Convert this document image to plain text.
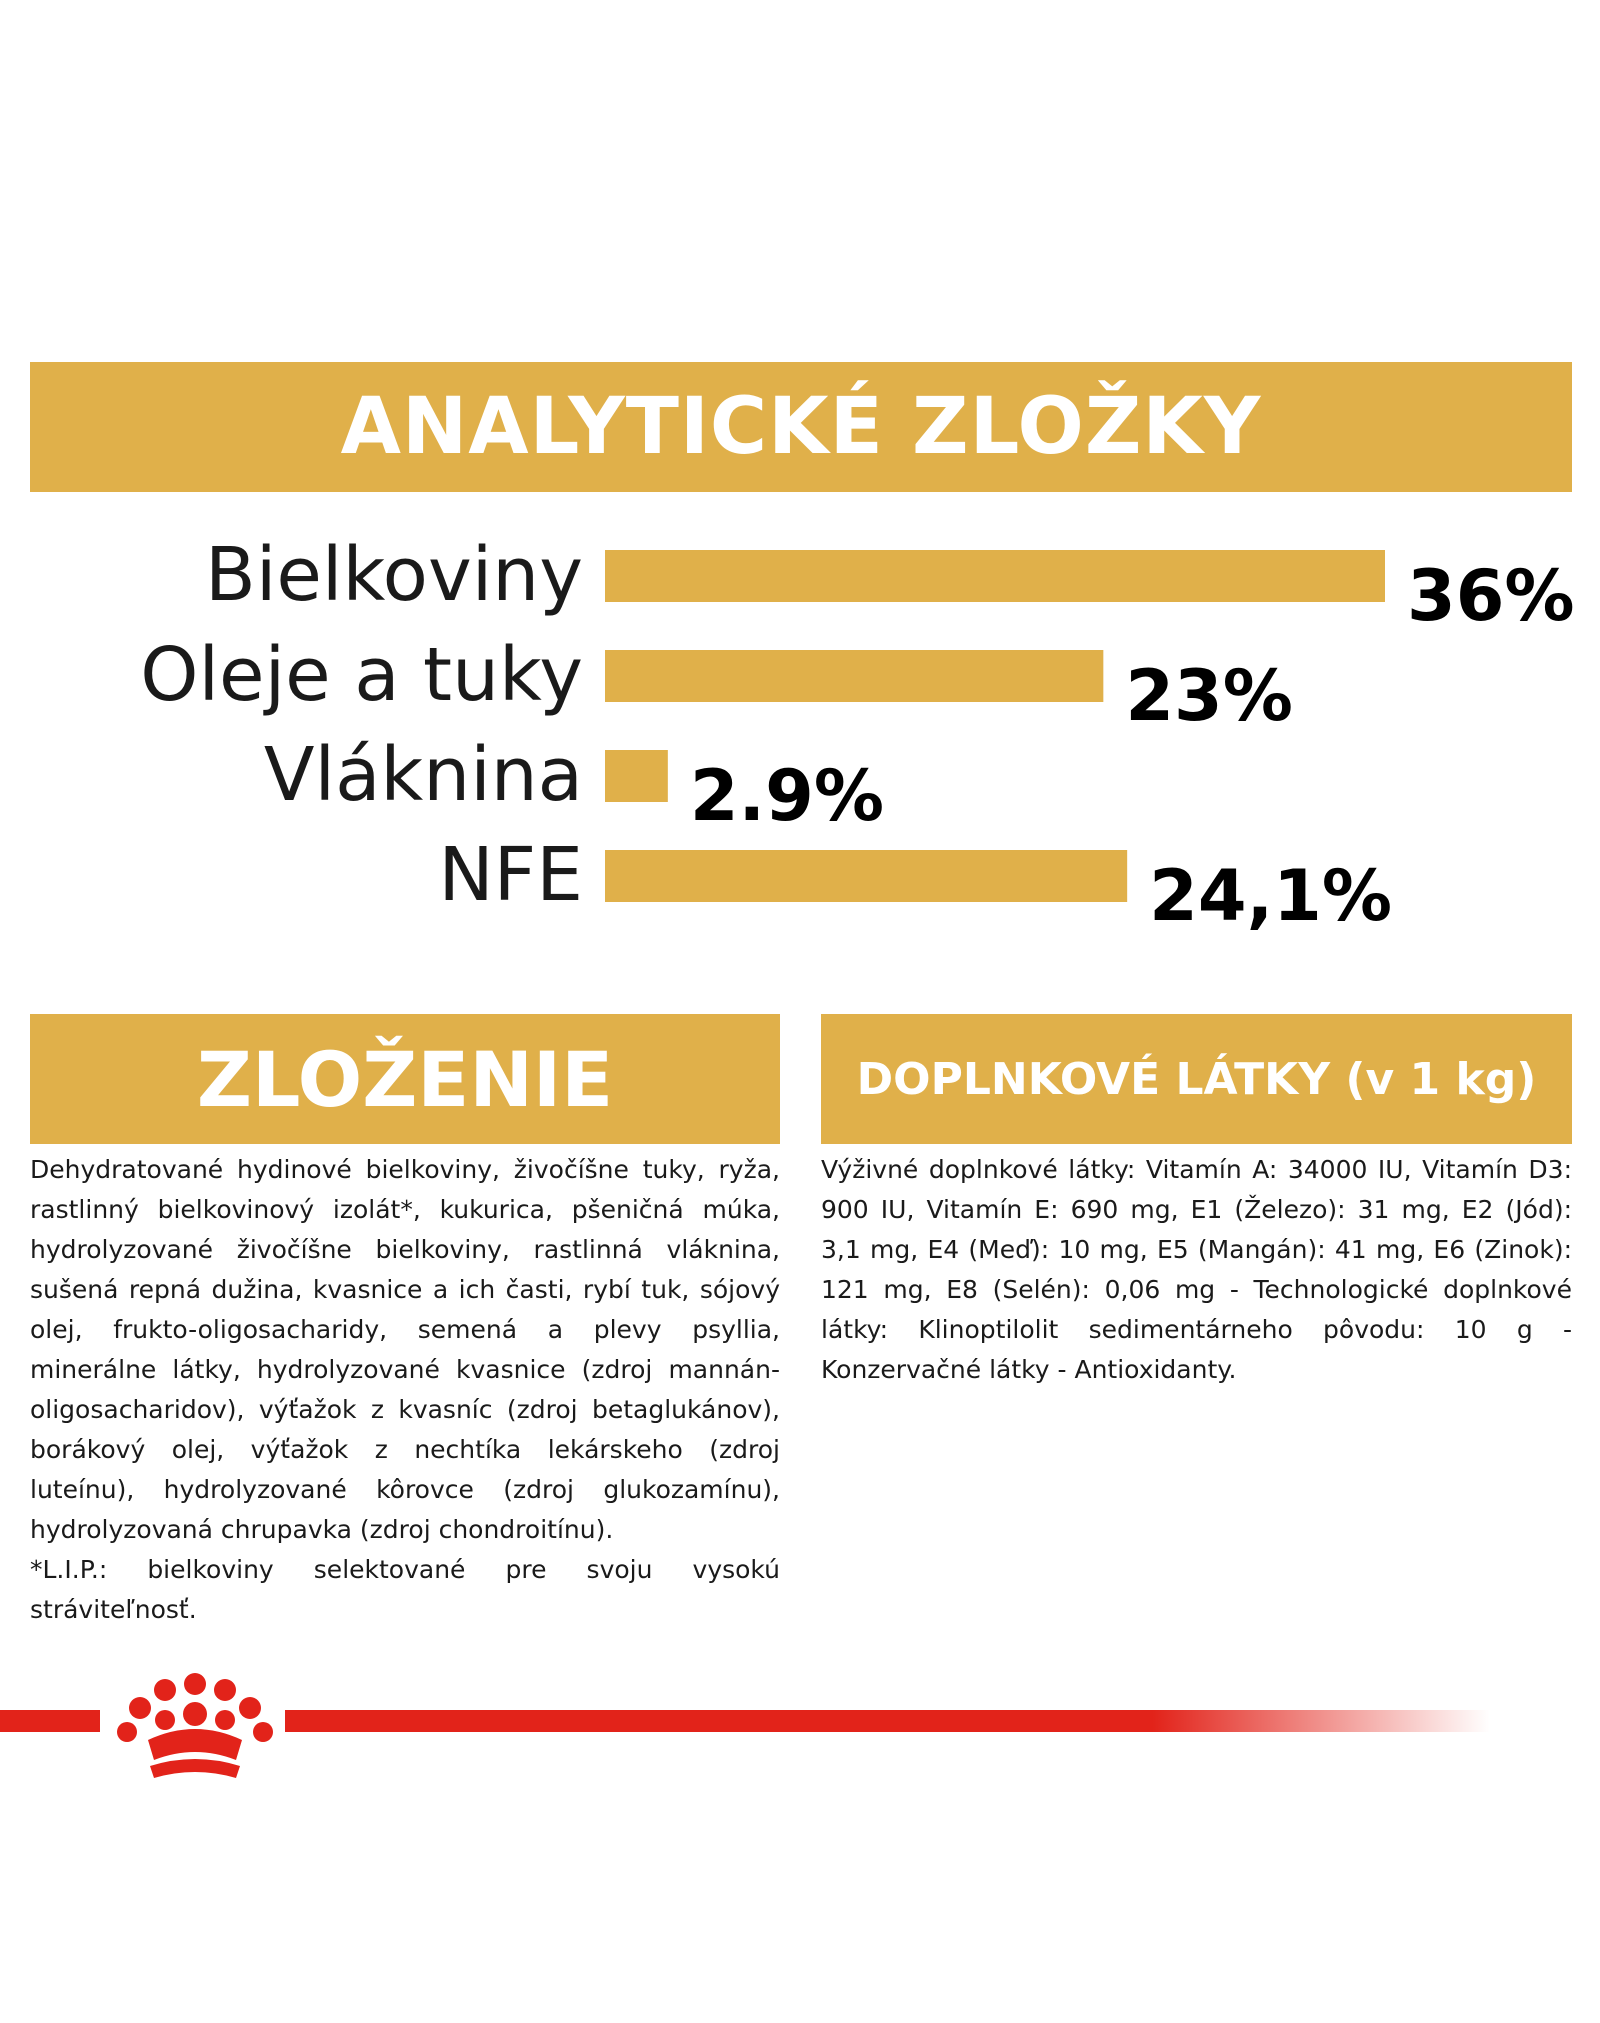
ANALYTICKÉ ZLOŽKY
Bielkoviny	36%
Oleje a tuky	23%
Vláknina 2.9%
NFE	24,1%
ZLOŽENIE	DOPLNKOVÉ LÁTKY (v 1 kg)

Dehydratované hydinové bielkoviny, živočíšne tuky, ryža, rastlinný bielkovinový izolát*, kukurica, pšeničná múka, hydrolyzované živočíšne bielkoviny, rastlinná vláknina, sušená repná dužina, kvasnice a ich časti, rybí tuk, sójový olej, frukto-oligosacharidy, semená a plevy psyllia, minerálne látky, hydrolyzované kvasnice (zdroj mannán-oligosacharidov), výťažok z kvasníc (zdroj betaglukánov), borákový olej, výťažok z nechtíka lekárskeho (zdroj luteínu), hydrolyzované kôrovce (zdroj glukozamínu), hydrolyzovaná chrupavka (zdroj chondroitínu).

*L.I.P.: bielkoviny selektované pre svoju vysokú stráviteľnosť.

Výživné doplnkové látky: Vitamín A: 34000 IU, Vitamín D3: 900 IU, Vitamín E: 690 mg, E1 (Železo): 31 mg, E2 (Jód): 3,1 mg, E4 (Meď): 10 mg, E5 (Mangán): 41 mg, E6 (Zinok): 121 mg, E8 (Selén): 0,06 mg - Technologické doplnkové látky: Klinoptilolit sedimentárneho pôvodu: 10 g - Konzervačné látky - Antioxidanty.
